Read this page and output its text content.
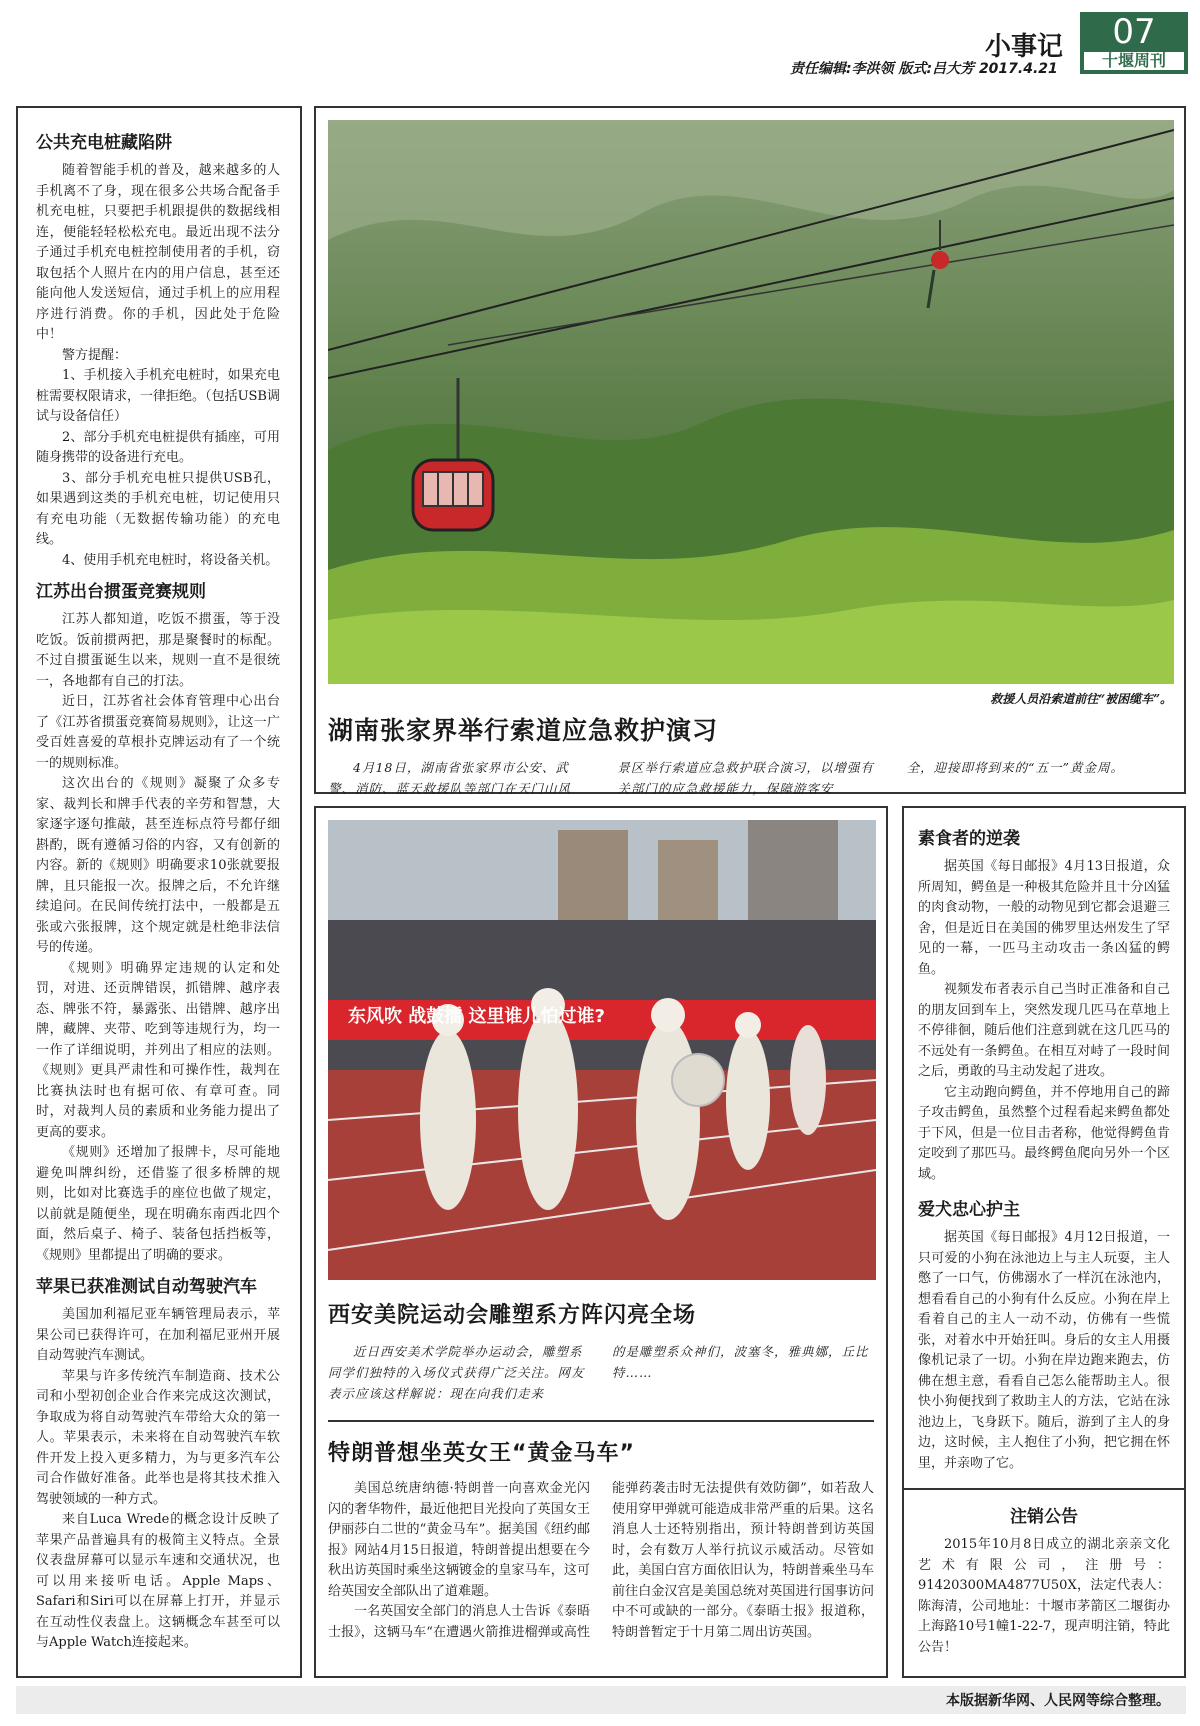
小事记
责任编辑:李洪领 版式:吕大芳 2017.4.21
07
十堰周刊
公共充电桩藏陷阱

随着智能手机的普及，越来越多的人手机离不了身，现在很多公共场合配备手机充电桩，只要把手机跟提供的数据线相连，便能轻轻松松充电。最近出现不法分子通过手机充电桩控制使用者的手机，窃取包括个人照片在内的用户信息，甚至还能向他人发送短信，通过手机上的应用程序进行消费。你的手机，因此处于危险中！

警方提醒：

1、手机接入手机充电桩时，如果充电桩需要权限请求，一律拒绝。（包括USB调试与设备信任）

2、部分手机充电桩提供有插座，可用随身携带的设备进行充电。

3、部分手机充电桩只提供USB孔，如果遇到这类的手机充电桩，切记使用只有充电功能（无数据传输功能）的充电线。

4、使用手机充电桩时，将设备关机。

江苏出台掼蛋竞赛规则

江苏人都知道，吃饭不掼蛋，等于没吃饭。饭前掼两把，那是聚餐时的标配。不过自掼蛋诞生以来，规则一直不是很统一，各地都有自己的打法。

近日，江苏省社会体育管理中心出台了《江苏省掼蛋竞赛简易规则》，让这一广受百姓喜爱的草根扑克牌运动有了一个统一的规则标准。

这次出台的《规则》凝聚了众多专家、裁判长和牌手代表的辛劳和智慧，大家逐字逐句推敲，甚至连标点符号都仔细斟酌，既有遵循习俗的内容，又有创新的内容。新的《规则》明确要求10张就要报牌，且只能报一次。报牌之后，不允许继续追问。在民间传统打法中，一般都是五张或六张报牌，这个规定就是杜绝非法信号的传递。

《规则》明确界定违规的认定和处罚，对进、还贡牌错误，抓错牌、越序表态、牌张不符，暴露张、出错牌、越序出牌，藏牌、夹带、吃到等违规行为，均一一作了详细说明，并列出了相应的法则。《规则》更具严肃性和可操作性，裁判在比赛执法时也有据可依、有章可查。同时，对裁判人员的素质和业务能力提出了更高的要求。

《规则》还增加了报牌卡，尽可能地避免叫牌纠纷，还借鉴了很多桥牌的规则，比如对比赛选手的座位也做了规定，以前就是随便坐，现在明确东南西北四个面，然后桌子、椅子、装备包括挡板等，《规则》里都提出了明确的要求。

苹果已获准测试自动驾驶汽车

美国加利福尼亚车辆管理局表示，苹果公司已获得许可，在加利福尼亚州开展自动驾驶汽车测试。

苹果与许多传统汽车制造商、技术公司和小型初创企业合作来完成这次测试，争取成为将自动驾驶汽车带给大众的第一人。苹果表示，未来将在自动驾驶汽车软件开发上投入更多精力，为与更多汽车公司合作做好准备。此举也是将其技术推入驾驶领域的一种方式。

来自Luca Wrede的概念设计反映了苹果产品普遍具有的极简主义特点。全景仪表盘屏幕可以显示车速和交通状况，也可以用来接听电话。Apple Maps、Safari和Siri可以在屏幕上打开，并显示在互动性仪表盘上。这辆概念车甚至可以与Apple Watch连接起来。

救援人员沿索道前往“被困缆车”。
湖南张家界举行索道应急救护演习
4月18日，湖南省张家界市公安、武警、消防、蓝天救援队等部门在天门山风
景区举行索道应急救护联合演习，以增强有关部门的应急救援能力，保障游客安
全，迎接即将到来的“五一”黄金周。
东风吹 战鼓擂 这里谁儿怕过谁?
西安美院运动会雕塑系方阵闪亮全场
近日西安美术学院举办运动会，雕塑系同学们独特的入场仪式获得广泛关注。网友表示应该这样解说：现在向我们走来
的是雕塑系众神们，波塞冬，雅典娜，丘比特……
特朗普想坐英女王“黄金马车”

美国总统唐纳德·特朗普一向喜欢金光闪闪的奢华物件，最近他把目光投向了英国女王伊丽莎白二世的“黄金马车”。据美国《纽约邮报》网站4月15日报道，特朗普提出想要在今秋出访英国时乘坐这辆镀金的皇家马车，这可给英国安全部队出了道难题。

一名英国安全部门的消息人士告诉《泰晤士报》，这辆马车“在遭遇火箭推进榴弹或高性能弹药袭击时无法提供有效防御”，如若敌人使用穿甲弹就可能造成非常严重的后果。这名消息人士还特别指出，预计特朗普到访英国时，会有数万人举行抗议示威活动。尽管如此，美国白宫方面依旧认为，特朗普乘坐马车前往白金汉宫是美国总统对英国进行国事访问中不可或缺的一部分。《泰晤士报》报道称，特朗普暂定于十月第二周出访英国。

素食者的逆袭

据英国《每日邮报》4月13日报道，众所周知，鳄鱼是一种极其危险并且十分凶猛的肉食动物，一般的动物见到它都会退避三舍，但是近日在美国的佛罗里达州发生了罕见的一幕，一匹马主动攻击一条凶猛的鳄鱼。

视频发布者表示自己当时正准备和自己的朋友回到车上，突然发现几匹马在草地上不停徘徊，随后他们注意到就在这几匹马的不远处有一条鳄鱼。在相互对峙了一段时间之后，勇敢的马主动发起了进攻。

它主动跑向鳄鱼，并不停地用自己的蹄子攻击鳄鱼，虽然整个过程看起来鳄鱼都处于下风，但是一位目击者称，他觉得鳄鱼肯定咬到了那匹马。最终鳄鱼爬向另外一个区域。

爱犬忠心护主

据英国《每日邮报》4月12日报道，一只可爱的小狗在泳池边上与主人玩耍，主人憋了一口气，仿佛溺水了一样沉在泳池内，想看看自己的小狗有什么反应。小狗在岸上看着自己的主人一动不动，仿佛有一些慌张，对着水中开始狂叫。身后的女主人用摄像机记录了一切。小狗在岸边跑来跑去，仿佛在想主意，看看自己怎么能帮助主人。很快小狗便找到了救助主人的方法，它站在泳池边上，飞身跃下。随后，游到了主人的身边，这时候，主人抱住了小狗，把它拥在怀里，并亲吻了它。

注销公告

2015年10月8日成立的湖北亲亲文化艺术有限公司，注册号：91420300MA4877U50X，法定代表人：陈海清，公司地址：十堰市茅箭区二堰街办上海路10号1幢1-22-7，现声明注销，特此公告！

本版据新华网、人民网等综合整理。
